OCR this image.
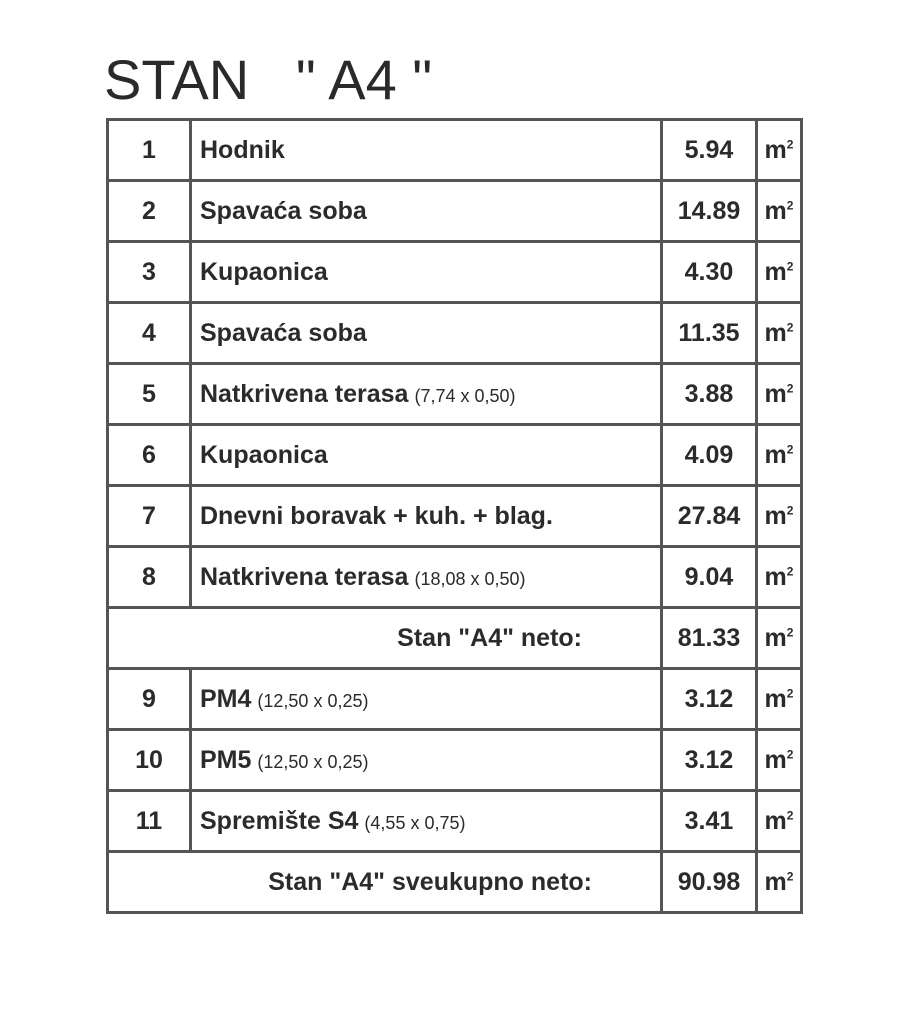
STAN   " A4 "
1	Hodnik	5.94	$m^2$
2	Spavaća soba	14.89	$m^2$
3	Kupaonica	4.30	$m^2$
4	Spavaća soba	11.35	$m^2$
5	Natkrivena terasa (7,74 x 0,50)	3.88	$m^2$
6	Kupaonica	4.09	$m^2$
7	Dnevni boravak + kuh. + blag.	27.84	$m^2$
8	Natkrivena terasa (18,08 x 0,50)	9.04	$m^2$
Stan "A4" neto:		81.33	$m^2$
9	PM4 (12,50 x 0,25)	3.12	$m^2$
10	PM5 (12,50 x 0,25)	3.12	$m^2$
11	Spremište S4 (4,55 x 0,75)	3.41	$m^2$
Stan "A4" sveukupno neto:		90.98	$m^2$
